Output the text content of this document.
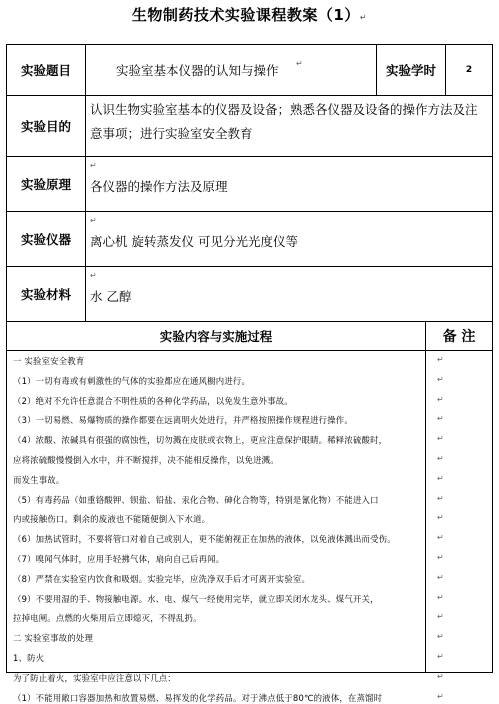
生物制药技术实验课程教案（1）↵
实验题目	实验室基本仪器的认知与操作 ↵	实验学时	2
实验目的
认识生物实验室基本的仪器及设备；熟悉各仪器及设备的操作方法及注
意事项；进行实验室安全教育
实验原理
↵
各仪器的操作方法及原理
实验仪器
↵
离心机 旋转蒸发仪 可见分光光度仪等
实验材料
↵
水 乙醇
实验内容与实施过程	备 注
一 实验室安全教育	↵
（1）一切有毒或有刺激性的气体的实验都应在通风橱内进行。	↵
（2）绝对不允许任意混合不明性质的各种化学药品，以免发生意外事故。	↵
（3）一切易燃、易爆物质的操作都要在远离明火处进行，并严格按照操作规程进行操作。	↵
（4）浓酸、浓碱具有很强的腐蚀性，切勿溅在皮肤或衣物上，更应注意保护眼睛。稀释浓硫酸时，	↵
应将浓硫酸慢慢倒入水中，并不断搅拌，决不能相反操作，以免迸溅。	↵
而发生事故。	↵
（5）有毒药品（如重铬酸钾、钡盐、铅盐、汞化合物、砷化合物等，特别是氰化物）不能进入口	↵
内或接触伤口。剩余的废液也不能随便倒入下水道。	↵
（6）加热试管时，不要将管口对着自己或别人，更不能俯视正在加热的液体，以免液体溅出而受伤。	↵
（7）嗅闻气体时，应用手轻拂气体，扇向自己后再闻。	↵
（8）严禁在实验室内饮食和吸烟。实验完毕，应洗净双手后才可离开实验室。	↵
（9）不要用湿的手、物接触电源。水、电、煤气一经使用完毕，就立即关闭水龙头、煤气开关，	↵
拉掉电闸。点燃的火柴用后立即熄灭，不得乱扔。	↵
二 实验室事故的处理	↵
1、防火	↵
为了防止着火，实验室中应注意以下几点：	↵
（1）不能用敞口容器加热和放置易燃、易挥发的化学药品。对于沸点低于80℃的液体，在蒸馏时	↵
